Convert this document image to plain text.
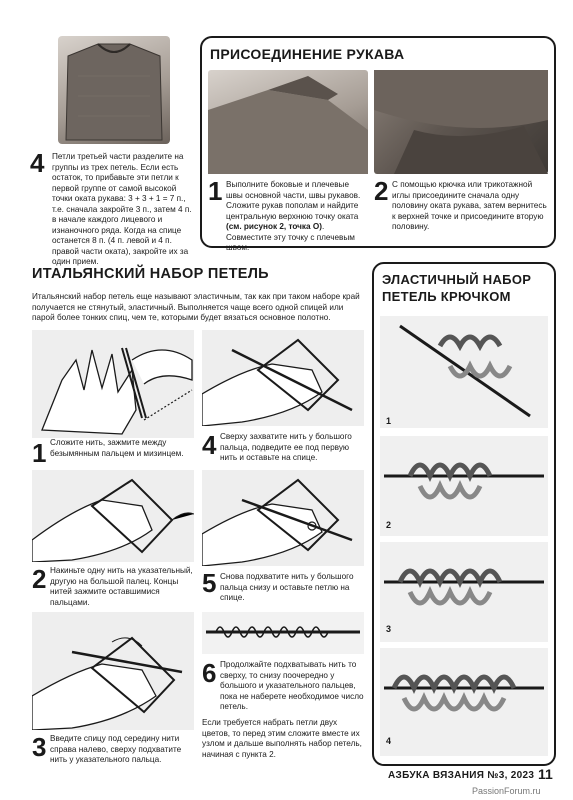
4 Петли третьей части разделите на группы из трех петель. Если есть остаток, то прибавьте эти петли к первой группе от самой высокой точки оката рукава: 3 + 3 + 1 = 7 п., т.е. сначала закройте 3 п., затем 4 п. в начале каждого лицевого и изнаночного ряда. Когда на спице останется 8 п. (4 п. левой и 4 п. правой части оката), закройте их за один прием.
ПРИСОЕДИНЕНИЕ РУКАВА
1 Выполните боковые и плечевые швы основной части, швы рукавов. Сложите рукав пополам и найдите центральную верхнюю точку оката (см. рисунок 2, точка О). Совместите эту точку с плечевым швом.
2 С помощью крючка или трикотажной иглы присоедините сначала одну половину оката рукава, затем вернитесь к верхней точке и присоедините вторую половину.
ИТАЛЬЯНСКИЙ НАБОР ПЕТЕЛЬ
Итальянский набор петель еще называют эластичным, так как при таком наборе край получается не стянутый, эластичный. Выполняется чаще всего одной спицей или парой более тонких спиц, чем те, которыми будет вязаться основное полотно.
1 Сложите нить, зажмите между безымянным пальцем и мизинцем.
2 Накиньте одну нить на указательный, другую на большой палец. Концы нитей зажмите оставшимися пальцами.
3 Введите спицу под середину нити справа налево, сверху подхватите нить у указательного пальца.
4 Сверху захватите нить у большого пальца, подведите ее под первую нить и оставьте на спице.
5 Снова подхватите нить у большого пальца снизу и оставьте петлю на спице.
6 Продолжайте подхватывать нить то сверху, то снизу поочередно у большого и указательного пальцев, пока не наберете необходимое число петель.
Если требуется набрать петли двух цветов, то перед этим сложите вместе их узлом и дальше выполнять набор петель, начиная с пункта 2.
ЭЛАСТИЧНЫЙ НАБОР
ПЕТЕЛЬ КРЮЧКОМ
1
2
3
4
АЗБУКА ВЯЗАНИЯ №3, 2023 11
PassionForum.ru
